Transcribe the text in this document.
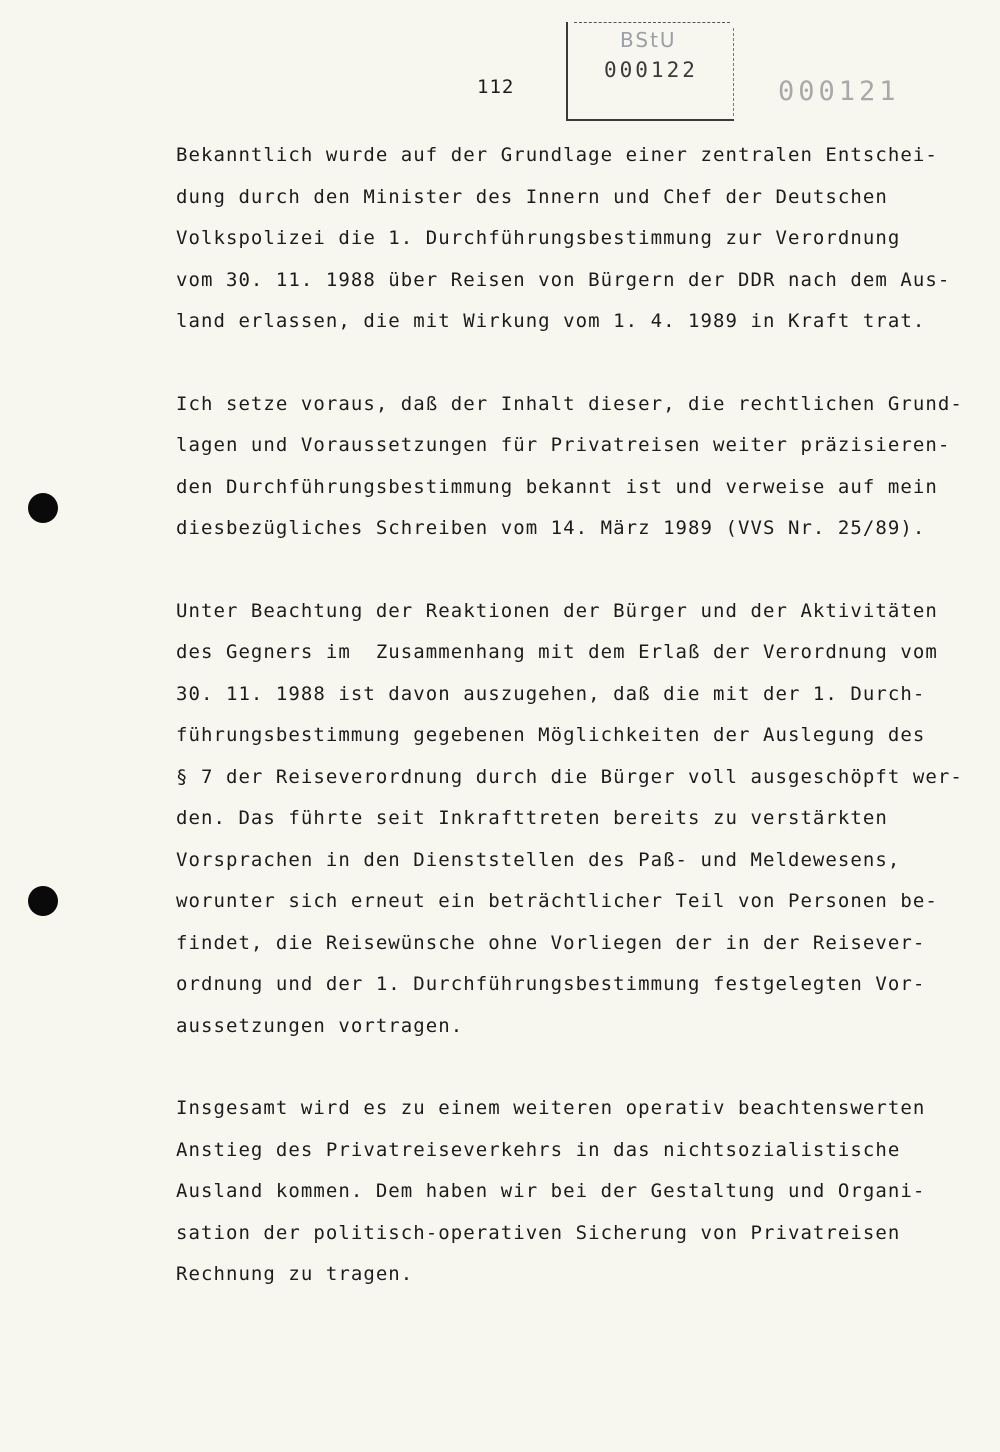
112
BStU
000122
000121
Bekanntlich wurde auf der Grundlage einer zentralen Entschei-
dung durch den Minister des Innern und Chef der Deutschen
Volkspolizei die 1. Durchführungsbestimmung zur Verordnung
vom 30. 11. 1988 über Reisen von Bürgern der DDR nach dem Aus-
land erlassen, die mit Wirkung vom 1. 4. 1989 in Kraft trat.
Ich setze voraus, daß der Inhalt dieser, die rechtlichen Grund-
lagen und Voraussetzungen für Privatreisen weiter präzisieren-
den Durchführungsbestimmung bekannt ist und verweise auf mein
diesbezügliches Schreiben vom 14. März 1989 (VVS Nr. 25/89).
Unter Beachtung der Reaktionen der Bürger und der Aktivitäten
des Gegners im  Zusammenhang mit dem Erlaß der Verordnung vom
30. 11. 1988 ist davon auszugehen, daß die mit der 1. Durch-
führungsbestimmung gegebenen Möglichkeiten der Auslegung des
§ 7 der Reiseverordnung durch die Bürger voll ausgeschöpft wer-
den. Das führte seit Inkrafttreten bereits zu verstärkten
Vorsprachen in den Dienststellen des Paß- und Meldewesens,
worunter sich erneut ein beträchtlicher Teil von Personen be-
findet, die Reisewünsche ohne Vorliegen der in der Reisever-
ordnung und der 1. Durchführungsbestimmung festgelegten Vor-
aussetzungen vortragen.
Insgesamt wird es zu einem weiteren operativ beachtenswerten
Anstieg des Privatreiseverkehrs in das nichtsozialistische
Ausland kommen. Dem haben wir bei der Gestaltung und Organi-
sation der politisch-operativen Sicherung von Privatreisen
Rechnung zu tragen.
